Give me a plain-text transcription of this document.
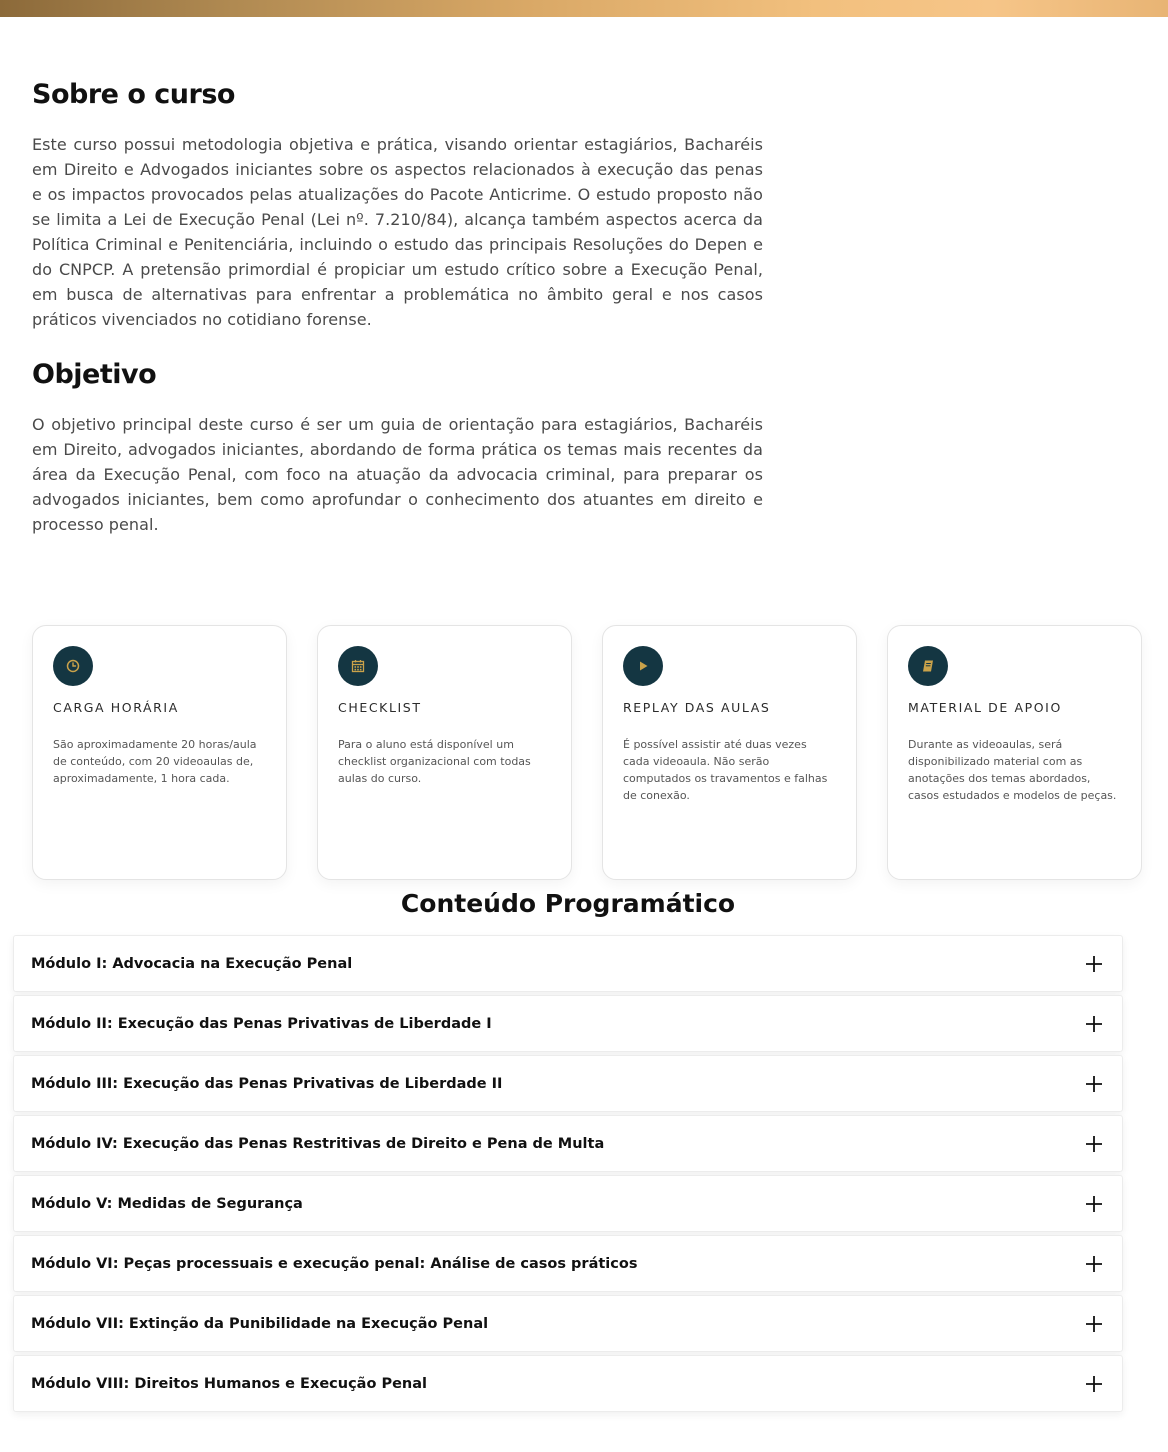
Sobre o curso

Este curso possui metodologia objetiva e prática, visando orientar estagiários, Bacharéis em Direito e Advogados iniciantes sobre os aspectos relacionados à execução das penas e os impactos provocados pelas atualizações do Pacote Anticrime. O estudo proposto não se limita a Lei de Execução Penal (Lei nº. 7.210/84), alcança também aspectos acerca da Política Criminal e Penitenciária, incluindo o estudo das principais Resoluções do Depen e do CNPCP. A pretensão primordial é propiciar um estudo crítico sobre a Execução Penal, em busca de alternativas para enfrentar a problemática no âmbito geral e nos casos práticos vivenciados no cotidiano forense.

Objetivo

O objetivo principal deste curso é ser um guia de orientação para estagiários, Bacharéis em Direito, advogados iniciantes, abordando de forma prática os temas mais recentes da área da Execução Penal, com foco na atuação da advocacia criminal, para preparar os advogados iniciantes, bem como aprofundar o conhecimento dos atuantes em direito e processo penal.

CARGA HORÁRIA
São aproximadamente 20 horas/aula de conteúdo, com 20 videoaulas de, aproximadamente, 1 hora cada.
CHECKLIST
Para o aluno está disponível um checklist organizacional com todas aulas do curso.
REPLAY DAS AULAS
É possível assistir até duas vezes cada videoaula. Não serão computados os travamentos e falhas de conexão.
MATERIAL DE APOIO
Durante as videoaulas, será disponibilizado material com as anotações dos temas abordados, casos estudados e modelos de peças.
Conteúdo Programático
Módulo I: Advocacia na Execução Penal
Módulo II: Execução das Penas Privativas de Liberdade I
Módulo III: Execução das Penas Privativas de Liberdade II
Módulo IV: Execução das Penas Restritivas de Direito e Pena de Multa
Módulo V: Medidas de Segurança
Módulo VI: Peças processuais e execução penal: Análise de casos práticos
Módulo VII: Extinção da Punibilidade na Execução Penal
Módulo VIII: Direitos Humanos e Execução Penal
